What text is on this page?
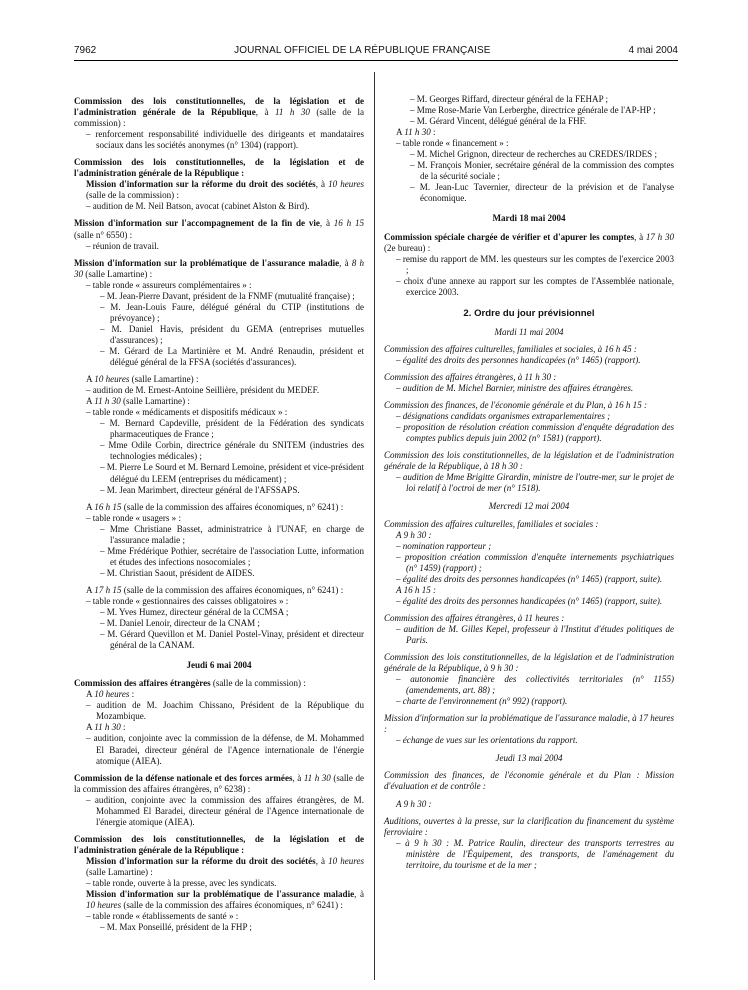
7962	JOURNAL OFFICIEL DE LA RÉPUBLIQUE FRANÇAISE	4 mai 2004

Commission des lois constitutionnelles, de la législation et de l'administration générale de la République, à 11 h 30 (salle de la commission) :

– renforcement responsabilité individuelle des dirigeants et mandataires sociaux dans les sociétés anonymes (n° 1304) (rapport).

Commission des lois constitutionnelles, de la législation et de l'administration générale de la République :

Mission d'information sur la réforme du droit des sociétés, à 10 heures (salle de la commission) :

– audition de M. Neil Batson, avocat (cabinet Alston & Bird).

Mission d'information sur l'accompagnement de la fin de vie, à 16 h 15 (salle n° 6550) :

– réunion de travail.

Mission d'information sur la problématique de l'assurance maladie, à 8 h 30 (salle Lamartine) :

– table ronde « assureurs complémentaires » :

– M. Jean-Pierre Davant, président de la FNMF (mutualité française) ;

– M. Jean-Louis Faure, délégué général du CTIP (institutions de prévoyance) ;

– M. Daniel Havis, président du GEMA (entreprises mutuelles d'assurances) ;

– M. Gérard de La Martinière et M. André Renaudin, président et délégué général de la FFSA (sociétés d'assurances).

A 10 heures (salle Lamartine) :

– audition de M. Ernest-Antoine Seillière, président du MEDEF.

A 11 h 30 (salle Lamartine) :

– table ronde « médicaments et dispositifs médicaux » :

– M. Bernard Capdeville, président de la Fédération des syndicats pharmaceutiques de France ;

– Mme Odile Corbin, directrice générale du SNITEM (industries des technologies médicales) ;

– M. Pierre Le Sourd et M. Bernard Lemoine, président et vice-président délégué du LEEM (entreprises du médicament) ;

– M. Jean Marimbert, directeur général de l'AFSSAPS.

A 16 h 15 (salle de la commission des affaires économiques, n° 6241) :

– table ronde « usagers » :

– Mme Christiane Basset, administratrice à l'UNAF, en charge de l'assurance maladie ;

– Mme Frédérique Pothier, secrétaire de l'association Lutte, information et études des infections nosocomiales ;

– M. Christian Saout, président de AIDES.

A 17 h 15 (salle de la commission des affaires économiques, n° 6241) :

– table ronde « gestionnaires des caisses obligatoires » :

– M. Yves Humez, directeur général de la CCMSA ;

– M. Daniel Lenoir, directeur de la CNAM ;

– M. Gérard Quevillon et M. Daniel Postel-Vinay, président et directeur général de la CANAM.

Jeudi 6 mai 2004

Commission des affaires étrangères (salle de la commission) :

A 10 heures :

– audition de M. Joachim Chissano, Président de la République du Mozambique.

A 11 h 30 :

– audition, conjointe avec la commission de la défense, de M. Mohammed El Baradei, directeur général de l'Agence internationale de l'énergie atomique (AIEA).

Commission de la défense nationale et des forces armées, à 11 h 30 (salle de la commission des affaires étrangères, n° 6238) :

– audition, conjointe avec la commission des affaires étrangères, de M. Mohammed El Baradei, directeur général de l'Agence internationale de l'énergie atomique (AIEA).

Commission des lois constitutionnelles, de la législation et de l'administration générale de la République :

Mission d'information sur la réforme du droit des sociétés, à 10 heures (salle Lamartine) :

– table ronde, ouverte à la presse, avec les syndicats.

Mission d'information sur la problématique de l'assurance maladie, à 10 heures (salle de la commission des affaires économiques, n° 6241) :

– table ronde « établissements de santé » :

– M. Max Ponseillé, président de la FHP ;

– M. Georges Riffard, directeur général de la FEHAP ;

– Mme Rose-Marie Van Lerberghe, directrice générale de l'AP-HP ;

– M. Gérard Vincent, délégué général de la FHF.

A 11 h 30 :

– table ronde « financement » :

– M. Michel Grignon, directeur de recherches au CREDES/IRDES ;

– M. François Monier, secrétaire général de la commission des comptes de la sécurité sociale ;

– M. Jean-Luc Tavernier, directeur de la prévision et de l'analyse économique.

Mardi 18 mai 2004

Commission spéciale chargée de vérifier et d'apurer les comptes, à 17 h 30 (2e bureau) :

– remise du rapport de MM. les questeurs sur les comptes de l'exercice 2003 ;

– choix d'une annexe au rapport sur les comptes de l'Assemblée nationale, exercice 2003.

2. Ordre du jour prévisionnel
Mardi 11 mai 2004

Commission des affaires culturelles, familiales et sociales, à 16 h 45 :

– égalité des droits des personnes handicapées (n° 1465) (rapport).

Commission des affaires étrangères, à 11 h 30 :

– audition de M. Michel Barnier, ministre des affaires étrangères.

Commission des finances, de l'économie générale et du Plan, à 16 h 15 :

– désignations candidats organismes extraparlementaires ;

– proposition de résolution création commission d'enquête dégradation des comptes publics depuis juin 2002 (n° 1581) (rapport).

Commission des lois constitutionnelles, de la législation et de l'administration générale de la République, à 18 h 30 :

– audition de Mme Brigitte Girardin, ministre de l'outre-mer, sur le projet de loi relatif à l'octroi de mer (n° 1518).

Mercredi 12 mai 2004

Commission des affaires culturelles, familiales et sociales :

A 9 h 30 :

– nomination rapporteur ;

– proposition création commission d'enquête internements psychiatriques (n° 1459) (rapport) ;

– égalité des droits des personnes handicapées (n° 1465) (rapport, suite).

A 16 h 15 :

– égalité des droits des personnes handicapées (n° 1465) (rapport, suite).

Commission des affaires étrangères, à 11 heures :

– audition de M. Gilles Kepel, professeur à l'Institut d'études politiques de Paris.

Commission des lois constitutionnelles, de la législation et de l'administration générale de la République, à 9 h 30 :

– autonomie financière des collectivités territoriales (n° 1155) (amendements, art. 88) ;

– charte de l'environnement (n° 992) (rapport).

Mission d'information sur la problématique de l'assurance maladie, à 17 heures :

– échange de vues sur les orientations du rapport.

Jeudi 13 mai 2004

Commission des finances, de l'économie générale et du Plan : Mission d'évaluation et de contrôle :

A 9 h 30 :

Auditions, ouvertes à la presse, sur la clarification du financement du système ferroviaire :

– à 9 h 30 : M. Patrice Raulin, directeur des transports terrestres au ministère de l'Équipement, des transports, de l'aménagement du territoire, du tourisme et de la mer ;
